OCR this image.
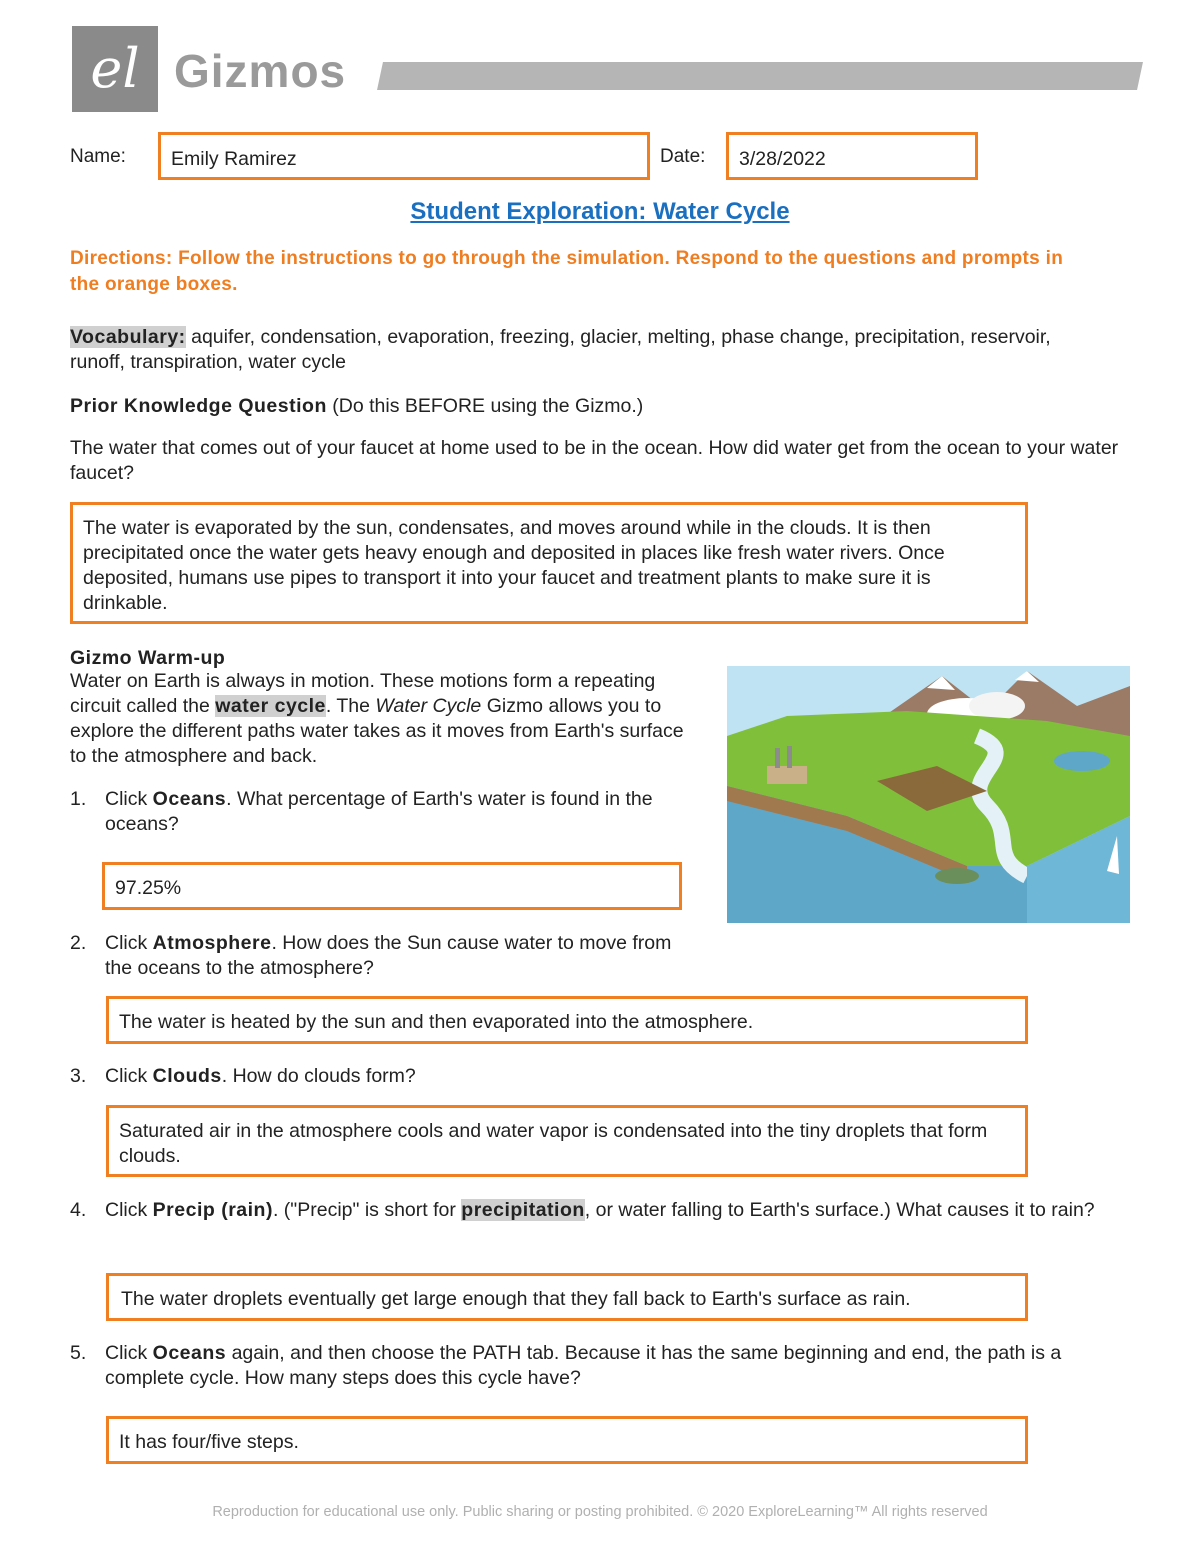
el Gizmos
Name:	Emily Ramirez	Date:	3/28/2022
Student Exploration: Water Cycle
Directions: Follow the instructions to go through the simulation. Respond to the questions and prompts in the orange boxes.
Vocabulary: aquifer, condensation, evaporation, freezing, glacier, melting, phase change, precipitation, reservoir, runoff, transpiration, water cycle
Prior Knowledge Question (Do this BEFORE using the Gizmo.)
The water that comes out of your faucet at home used to be in the ocean. How did water get from the ocean to your water faucet?
The water is evaporated by the sun, condensates, and moves around while in the clouds. It is then precipitated once the water gets heavy enough and deposited in places like fresh water rivers. Once deposited, humans use pipes to transport it into your faucet and treatment plants to make sure it is drinkable.
Gizmo Warm-up
Water on Earth is always in motion. These motions form a repeating circuit called the water cycle. The Water Cycle Gizmo allows you to explore the different paths water takes as it moves from Earth's surface to the atmosphere and back.
1. Click Oceans. What percentage of Earth's water is found in the oceans?
97.25%
2. Click Atmosphere. How does the Sun cause water to move from the oceans to the atmosphere?
The water is heated by the sun and then evaporated into the atmosphere.
3. Click Clouds. How do clouds form?
Saturated air in the atmosphere cools and water vapor is condensated into the tiny droplets that form clouds.
4. Click Precip (rain). ("Precip" is short for precipitation, or water falling to Earth's surface.) What causes it to rain?
The water droplets eventually get large enough that they fall back to Earth's surface as rain.
5. Click Oceans again, and then choose the PATH tab. Because it has the same beginning and end, the path is a complete cycle. How many steps does this cycle have?
It has four/five steps.
Reproduction for educational use only. Public sharing or posting prohibited. © 2020 ExploreLearning™ All rights reserved
